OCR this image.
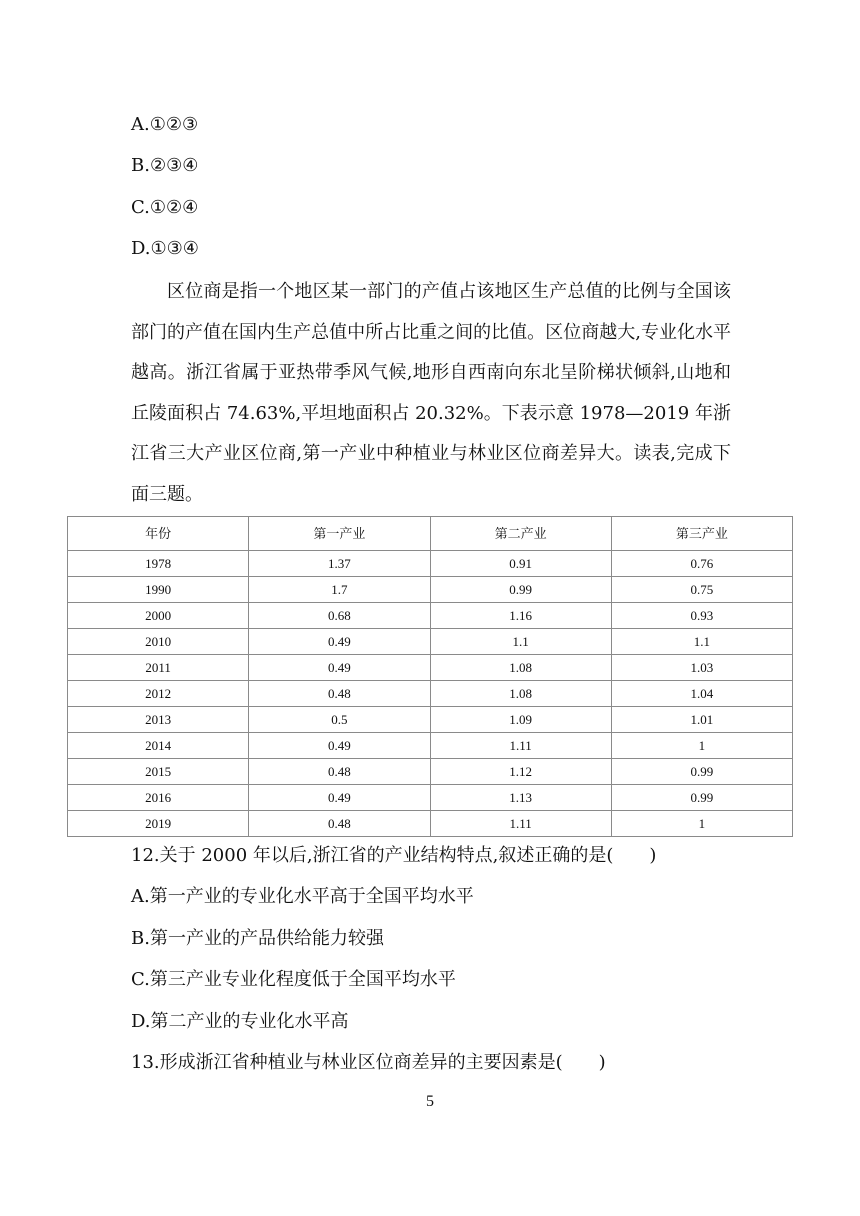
A.①②③
B.②③④
C.①②④
D.①③④
区位商是指一个地区某一部门的产值占该地区生产总值的比例与全国该部门的产值在国内生产总值中所占比重之间的比值。区位商越大,专业化水平越高。浙江省属于亚热带季风气候,地形自西南向东北呈阶梯状倾斜,山地和丘陵面积占 74.63%,平坦地面积占 20.32%。下表示意 1978—2019 年浙江省三大产业区位商,第一产业中种植业与林业区位商差异大。读表,完成下面三题。
年份	第一产业	第二产业	第三产业
1978	1.37	0.91	0.76
1990	1.7	0.99	0.75
2000	0.68	1.16	0.93
2010	0.49	1.1	1.1
2011	0.49	1.08	1.03
2012	0.48	1.08	1.04
2013	0.5	1.09	1.01
2014	0.49	1.11	1
2015	0.48	1.12	0.99
2016	0.49	1.13	0.99
2019	0.48	1.11	1
12.关于 2000 年以后,浙江省的产业结构特点,叙述正确的是(　　)
A.第一产业的专业化水平高于全国平均水平
B.第一产业的产品供给能力较强
C.第三产业专业化程度低于全国平均水平
D.第二产业的专业化水平高
13.形成浙江省种植业与林业区位商差异的主要因素是(　　)
5
